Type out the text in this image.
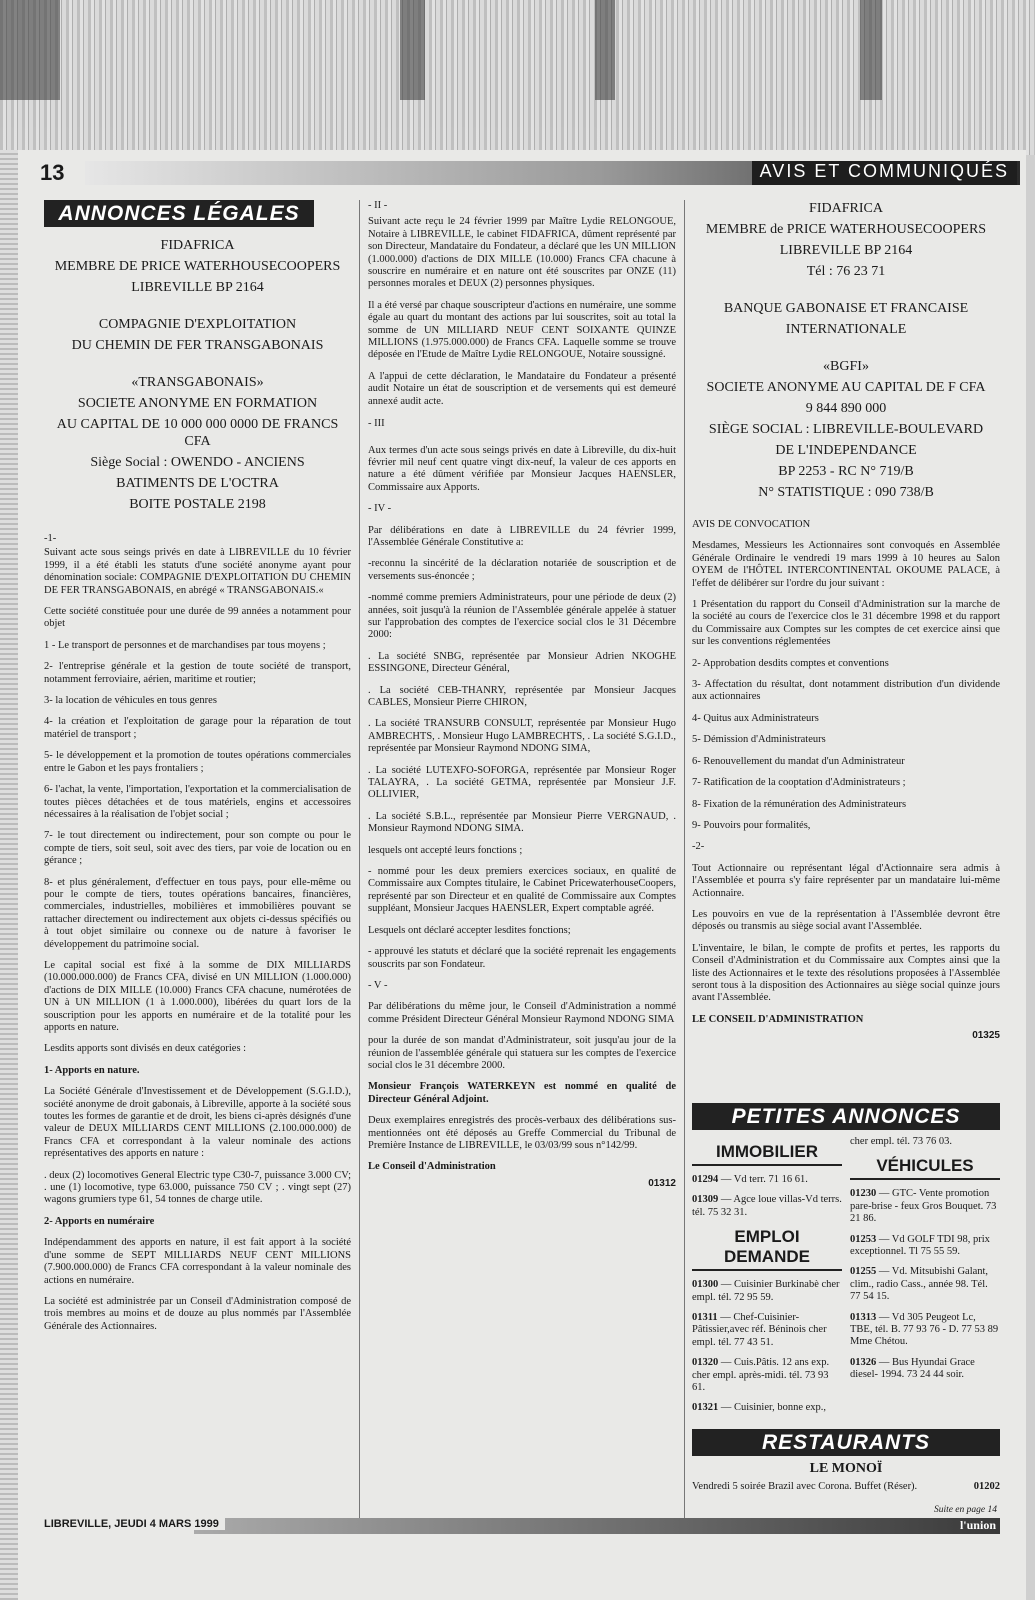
13	AVIS ET COMMUNIQUÉS
ANNONCES LÉGALES
FIDAFRICA
MEMBRE DE PRICE WATERHOUSECOOPERS
LIBREVILLE BP 2164
COMPAGNIE D'EXPLOITATION
DU CHEMIN DE FER TRANSGABONAIS
«TRANSGABONAIS»
SOCIETE ANONYME EN FORMATION
AU CAPITAL DE 10 000 000 0000 DE FRANCS CFA
Siège Social : OWENDO - ANCIENS
BATIMENTS DE L'OCTRA
BOITE POSTALE 2198

-1-

Suivant acte sous seings privés en date à LIBREVILLE du 10 février 1999, il a été établi les statuts d'une société anonyme ayant pour dénomination sociale: COMPAGNIE D'EXPLOITATION DU CHEMIN DE FER TRANSGABONAIS, en abrégé « TRANSGABONAIS.«

Cette société constituée pour une durée de 99 années a notamment pour objet

1 - Le transport de personnes et de marchandises par tous moyens ;

2- l'entreprise générale et la gestion de toute société de transport, notamment ferroviaire, aérien, maritime et routier;

3- la location de véhicules en tous genres

4- la création et l'exploitation de garage pour la réparation de tout matériel de transport ;

5- le développement et la promotion de toutes opérations commerciales entre le Gabon et les pays frontaliers ;

6- l'achat, la vente, l'importation, l'exportation et la commercialisation de toutes pièces détachées et de tous matériels, engins et accessoires nécessaires à la réalisation de l'objet social ;

7- le tout directement ou indirectement, pour son compte ou pour le compte de tiers, soit seul, soit avec des tiers, par voie de location ou en gérance ;

8- et plus généralement, d'effectuer en tous pays, pour elle-même ou pour le compte de tiers, toutes opérations bancaires, financières, commerciales, industrielles, mobilières et immobilières pouvant se rattacher directement ou indirectement aux objets ci-dessus spécifiés ou à tout objet similaire ou connexe ou de nature à favoriser le développement du patrimoine social.

Le capital social est fixé à la somme de DIX MILLIARDS (10.000.000.000) de Francs CFA, divisé en UN MILLION (1.000.000) d'actions de DIX MILLE (10.000) Francs CFA chacune, numérotées de UN à UN MILLION (1 à 1.000.000), libérées du quart lors de la souscription pour les apports en numéraire et de la totalité pour les apports en nature.

Lesdits apports sont divisés en deux catégories :

1- Apports en nature.

La Société Générale d'Investissement et de Développement (S.G.I.D.), société anonyme de droit gabonais, à Libreville, apporte à la société sous toutes les formes de garantie et de droit, les biens ci-après désignés d'une valeur de DEUX MILLIARDS CENT MILLIONS (2.100.000.000) de Francs CFA et correspondant à la valeur nominale des actions représentatives des apports en nature :

. deux (2) locomotives General Electric type C30-7, puissance 3.000 CV; . une (1) locomotive, type 63.000, puissance 750 CV ; . vingt sept (27) wagons grumiers type 61, 54 tonnes de charge utile.

2- Apports en numéraire

Indépendamment des apports en nature, il est fait apport à la société d'une somme de SEPT MILLIARDS NEUF CENT MILLIONS (7.900.000.000) de Francs CFA correspondant à la valeur nominale des actions en numéraire.

La société est administrée par un Conseil d'Administration composé de trois membres au moins et de douze au plus nommés par l'Assemblée Générale des Actionnaires.

- II -

Suivant acte reçu le 24 février 1999 par Maître Lydie RELONGOUE, Notaire à LIBREVILLE, le cabinet FIDAFRICA, dûment représenté par son Directeur, Mandataire du Fondateur, a déclaré que les UN MILLION (1.000.000) d'actions de DIX MILLE (10.000) Francs CFA chacune à souscrire en numéraire et en nature ont été souscrites par ONZE (11) personnes morales et DEUX (2) personnes physiques.

Il a été versé par chaque souscripteur d'actions en numéraire, une somme égale au quart du montant des actions par lui souscrites, soit au total la somme de UN MILLIARD NEUF CENT SOIXANTE QUINZE MILLIONS (1.975.000.000) de Francs CFA. Laquelle somme se trouve déposée en l'Etude de Maître Lydie RELONGOUE, Notaire soussigné.

A l'appui de cette déclaration, le Mandataire du Fondateur a présenté audit Notaire un état de souscription et de versements qui est demeuré annexé audit acte.

- III

Aux termes d'un acte sous seings privés en date à Libreville, du dix-huit février mil neuf cent quatre vingt dix-neuf, la valeur de ces apports en nature a été dûment vérifiée par Monsieur Jacques HAENSLER, Commissaire aux Apports.

- IV -

Par délibérations en date à LIBREVILLE du 24 février 1999, l'Assemblée Générale Constitutive a:

-reconnu la sincérité de la déclaration notariée de souscription et de versements sus-énoncée ;

-nommé comme premiers Administrateurs, pour une période de deux (2) années, soit jusqu'à la réunion de l'Assemblée générale appelée à statuer sur l'approbation des comptes de l'exercice social clos le 31 Décembre 2000:

. La société SNBG, représentée par Monsieur Adrien NKOGHE ESSINGONE, Directeur Général,

. La société CEB-THANRY, représentée par Monsieur Jacques CABLES, Monsieur Pierre CHIRON,

. La société TRANSURB CONSULT, représentée par Monsieur Hugo AMBRECHTS, . Monsieur Hugo LAMBRECHTS, . La société S.G.I.D., représentée par Monsieur Raymond NDONG SIMA,

. La société LUTEXFO-SOFORGA, représentée par Monsieur Roger TALAYRA, . La société GETMA, représentée par Monsieur J.F. OLLIVIER,

. La société S.B.L., représentée par Monsieur Pierre VERGNAUD, . Monsieur Raymond NDONG SIMA.

lesquels ont accepté leurs fonctions ;

- nommé pour les deux premiers exercices sociaux, en qualité de Commissaire aux Comptes titulaire, le Cabinet PricewaterhouseCoopers, représenté par son Directeur et en qualité de Commissaire aux Comptes suppléant, Monsieur Jacques HAENSLER, Expert comptable agréé.

Lesquels ont déclaré accepter lesdites fonctions;

- approuvé les statuts et déclaré que la société reprenait les engagements souscrits par son Fondateur.

- V -

Par délibérations du même jour, le Conseil d'Administration a nommé comme Président Directeur Général Monsieur Raymond NDONG SIMA

pour la durée de son mandat d'Administrateur, soit jusqu'au jour de la réunion de l'assemblée générale qui statuera sur les comptes de l'exercice social clos le 31 décembre 2000.

Monsieur François WATERKEYN est nommé en qualité de Directeur Général Adjoint.

Deux exemplaires enregistrés des procès-verbaux des délibérations sus-mentionnées ont été déposés au Greffe Commercial du Tribunal de Première Instance de LIBREVILLE, le 03/03/99 sous n°142/99.

Le Conseil d'Administration

01312
FIDAFRICA
MEMBRE de PRICE WATERHOUSECOOPERS
LIBREVILLE BP 2164
Tél : 76 23 71
BANQUE GABONAISE ET FRANCAISE
INTERNATIONALE
«BGFI»
SOCIETE ANONYME AU CAPITAL DE F CFA
9 844 890 000
SIÈGE SOCIAL : LIBREVILLE-BOULEVARD
DE L'INDEPENDANCE
BP 2253 - RC N° 719/B
N° STATISTIQUE : 090 738/B

AVIS DE CONVOCATION

Mesdames, Messieurs les Actionnaires sont convoqués en Assemblée Générale Ordinaire le vendredi 19 mars 1999 à 10 heures au Salon OYEM de l'HÔTEL INTERCONTINENTAL OKOUME PALACE, à l'effet de délibérer sur l'ordre du jour suivant :

1 Présentation du rapport du Conseil d'Administration sur la marche de la société au cours de l'exercice clos le 31 décembre 1998 et du rapport du Commissaire aux Comptes sur les comptes de cet exercice ainsi que sur les conventions réglementées

2- Approbation desdits comptes et conventions

3- Affectation du résultat, dont notamment distribution d'un dividende aux actionnaires

4- Quitus aux Administrateurs

5- Démission d'Administrateurs

6- Renouvellement du mandat d'un Administrateur

7- Ratification de la cooptation d'Administrateurs ;

8- Fixation de la rémunération des Administrateurs

9- Pouvoirs pour formalités,

-2-

Tout Actionnaire ou représentant légal d'Actionnaire sera admis à l'Assemblée et pourra s'y faire représenter par un mandataire lui-même Actionnaire.

Les pouvoirs en vue de la représentation à l'Assemblée devront être déposés ou transmis au siège social avant l'Assemblée.

L'inventaire, le bilan, le compte de profits et pertes, les rapports du Conseil d'Administration et du Commissaire aux Comptes ainsi que la liste des Actionnaires et le texte des résolutions proposées à l'Assemblée seront tous à la disposition des Actionnaires au siège social quinze jours avant l'Assemblée.

LE CONSEIL D'ADMINISTRATION

01325
PETITES ANNONCES
IMMOBILIER

01294 — Vd terr. 71 16 61.

01309 — Agce loue villas-Vd terrs. tél. 75 32 31.

EMPLOI DEMANDE

01300 — Cuisinier Burkinabè cher empl. tél. 72 95 59.

01311 — Chef-Cuisinier-Pâtissier,avec réf. Béninois cher empl. tél. 77 43 51.

01320 — Cuis.Pâtis. 12 ans exp. cher empl. après-midi. tél. 73 93 61.

01321 — Cuisinier, bonne exp.,

cher empl. tél. 73 76 03.

VÉHICULES

01230 — GTC- Vente promotion pare-brise - feux Gros Bouquet. 73 21 86.

01253 — Vd GOLF TDI 98, prix exceptionnel. Tl 75 55 59.

01255 — Vd. Mitsubishi Galant, clim., radio Cass., année 98. Tél. 77 54 15.

01313 — Vd 305 Peugeot Lc, TBE, tél. B. 77 93 76 - D. 77 53 89 Mme Chétou.

01326 — Bus Hyundai Grace diesel- 1994. 73 24 44 soir.

RESTAURANTS
LE MONOÏ
Vendredi 5 soirée Brazil avec Corona. Buffet (Réser).	01202
Suite en page 14
LIBREVILLE, JEUDI 4 MARS 1999	l'union
